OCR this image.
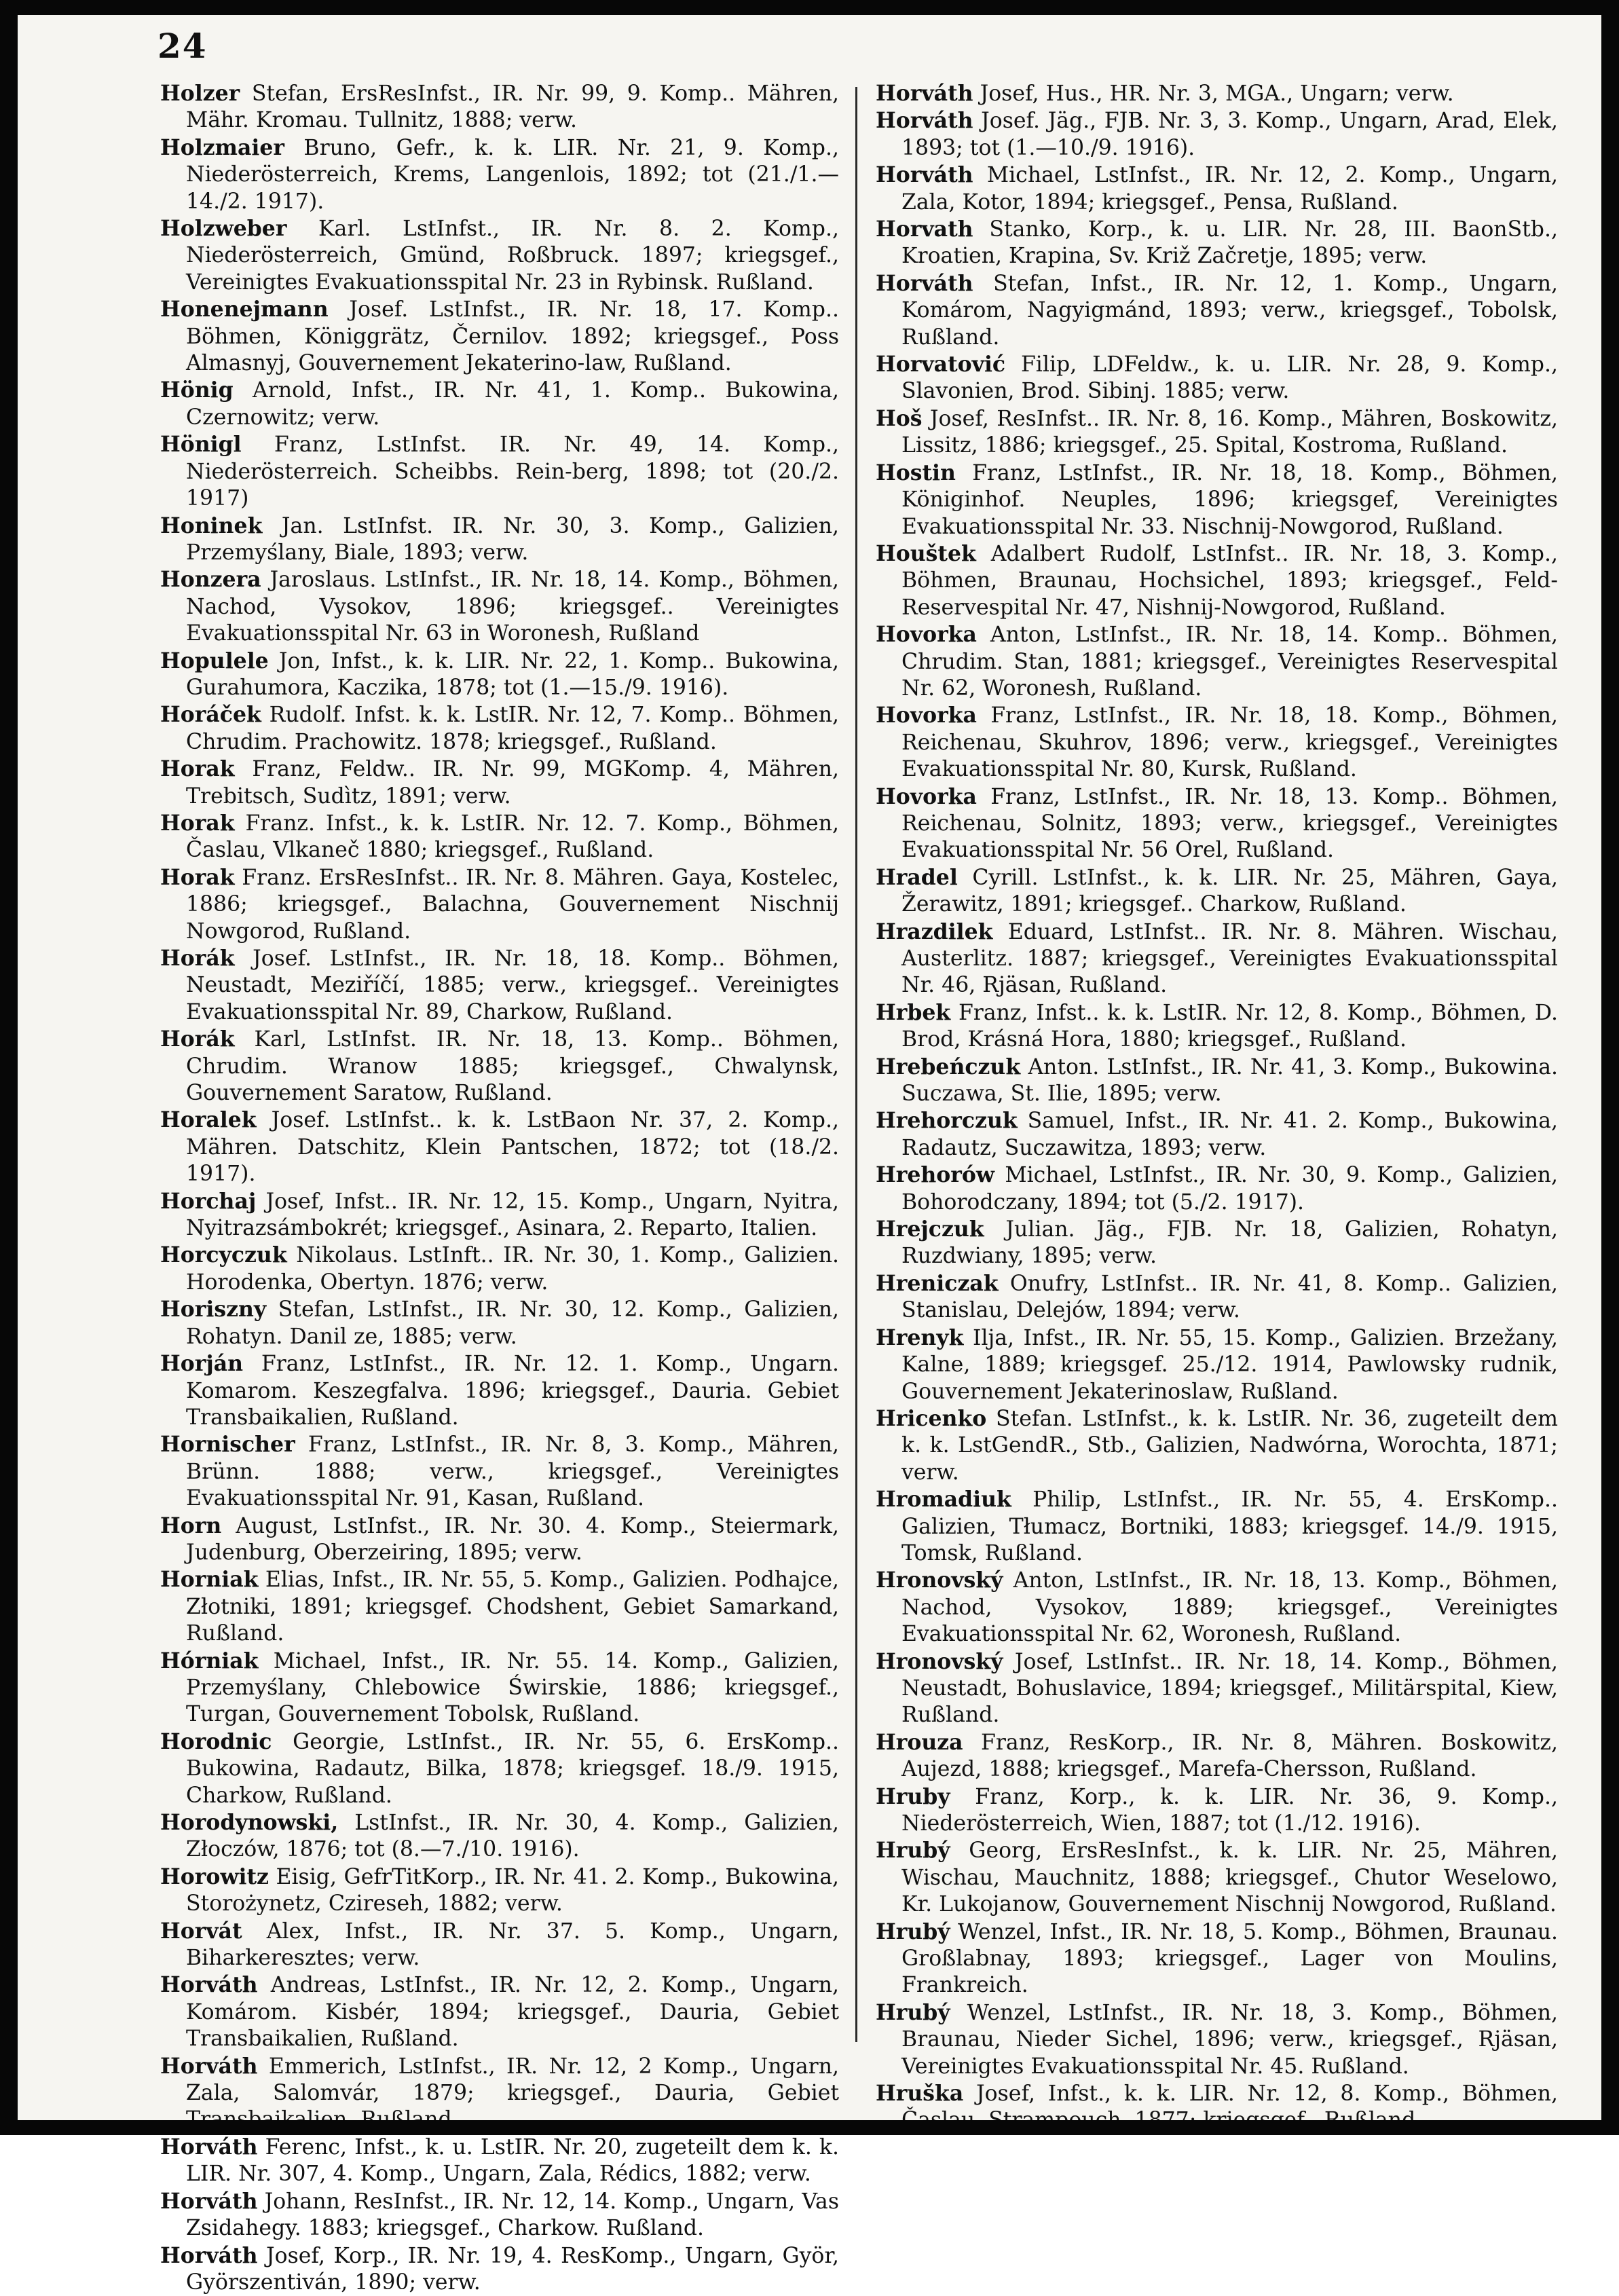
24

Holzer Stefan, ErsResInfst., IR. Nr. 99, 9. Komp.. Mähren, Mähr. Kromau. Tullnitz, 1888; verw.

Holzmaier Bruno, Gefr., k. k. LIR. Nr. 21, 9. Komp., Niederösterreich, Krems, Langenlois, 1892; tot (21./1.—14./2. 1917).

Holzweber Karl. LstInfst., IR. Nr. 8. 2. Komp., Niederösterreich, Gmünd, Roßbruck. 1897; kriegsgef., Vereinigtes Evakuationsspital Nr. 23 in Rybinsk. Rußland.

Honenejmann Josef. LstInfst., IR. Nr. 18, 17. Komp.. Böhmen, Königgrätz, Černilov. 1892; kriegsgef., Poss Almasnyj, Gouvernement Jekaterino-law, Rußland.

Hönig Arnold, Infst., IR. Nr. 41, 1. Komp.. Bukowina, Czernowitz; verw.

Hönigl Franz, LstInfst. IR. Nr. 49, 14. Komp., Niederösterreich. Scheibbs. Rein-berg, 1898; tot (20./2. 1917)

Honinek Jan. LstInfst. IR. Nr. 30, 3. Komp., Galizien, Przemyślany, Biale, 1893; verw.

Honzera Jaroslaus. LstInfst., IR. Nr. 18, 14. Komp., Böhmen, Nachod, Vysokov, 1896; kriegsgef.. Vereinigtes Evakuationsspital Nr. 63 in Woronesh, Rußland

Hopulele Jon, Infst., k. k. LIR. Nr. 22, 1. Komp.. Bukowina, Gurahumora, Kaczika, 1878; tot (1.—15./9. 1916).

Horáček Rudolf. Infst. k. k. LstIR. Nr. 12, 7. Komp.. Böhmen, Chrudim. Prachowitz. 1878; kriegsgef., Rußland.

Horak Franz, Feldw.. IR. Nr. 99, MGKomp. 4, Mähren, Trebitsch, Sudìtz, 1891; verw.

Horak Franz. Infst., k. k. LstIR. Nr. 12. 7. Komp., Böhmen, Časlau, Vlkaneč 1880; kriegsgef., Rußland.

Horak Franz. ErsResInfst.. IR. Nr. 8. Mähren. Gaya, Kostelec, 1886; kriegsgef., Balachna, Gouvernement Nischnij Nowgorod, Rußland.

Horák Josef. LstInfst., IR. Nr. 18, 18. Komp.. Böhmen, Neustadt, Meziříčí, 1885; verw., kriegsgef.. Vereinigtes Evakuationsspital Nr. 89, Charkow, Rußland.

Horák Karl, LstInfst. IR. Nr. 18, 13. Komp.. Böhmen, Chrudim. Wranow 1885; kriegsgef., Chwalynsk, Gouvernement Saratow, Rußland.

Horalek Josef. LstInfst.. k. k. LstBaon Nr. 37, 2. Komp., Mähren. Datschitz, Klein Pantschen, 1872; tot (18./2. 1917).

Horchaj Josef, Infst.. IR. Nr. 12, 15. Komp., Ungarn, Nyitra, Nyitrazsámbokrét; kriegsgef., Asinara, 2. Reparto, Italien.

Horcyczuk Nikolaus. LstInft.. IR. Nr. 30, 1. Komp., Galizien. Horodenka, Obertyn. 1876; verw.

Horiszny Stefan, LstInfst., IR. Nr. 30, 12. Komp., Galizien, Rohatyn. Danil ze, 1885; verw.

Horján Franz, LstInfst., IR. Nr. 12. 1. Komp., Ungarn. Komarom. Keszegfalva. 1896; kriegsgef., Dauria. Gebiet Transbaikalien, Rußland.

Hornischer Franz, LstInfst., IR. Nr. 8, 3. Komp., Mähren, Brünn. 1888; verw., kriegsgef., Vereinigtes Evakuationsspital Nr. 91, Kasan, Rußland.

Horn August, LstInfst., IR. Nr. 30. 4. Komp., Steiermark, Judenburg, Oberzeiring, 1895; verw.

Horniak Elias, Infst., IR. Nr. 55, 5. Komp., Galizien. Podhajce, Złotniki, 1891; kriegsgef. Chodshent, Gebiet Samarkand, Rußland.

Hórniak Michael, Infst., IR. Nr. 55. 14. Komp., Galizien, Przemyślany, Chlebowice Świrskie, 1886; kriegsgef., Turgan, Gouvernement Tobolsk, Rußland.

Horodnic Georgie, LstInfst., IR. Nr. 55, 6. ErsKomp.. Bukowina, Radautz, Bilka, 1878; kriegsgef. 18./9. 1915, Charkow, Rußland.

Horodynowski, LstInfst., IR. Nr. 30, 4. Komp., Galizien, Złoczów, 1876; tot (8.—7./10. 1916).

Horowitz Eisig, GefrTitKorp., IR. Nr. 41. 2. Komp., Bukowina, Storożynetz, Czireseh, 1882; verw.

Horvát Alex, Infst., IR. Nr. 37. 5. Komp., Ungarn, Biharkeresztes; verw.

Horváth Andreas, LstInfst., IR. Nr. 12, 2. Komp., Ungarn, Komárom. Kisbér, 1894; kriegsgef., Dauria, Gebiet Transbaikalien, Rußland.

Horváth Emmerich, LstInfst., IR. Nr. 12, 2 Komp., Ungarn, Zala, Salomvár, 1879; kriegsgef., Dauria, Gebiet Transbaikalien, Rußland.

Horváth Ferenc, Infst., k. u. LstIR. Nr. 20, zugeteilt dem k. k. LIR. Nr. 307, 4. Komp., Ungarn, Zala, Rédics, 1882; verw.

Horváth Johann, ResInfst., IR. Nr. 12, 14. Komp., Ungarn, Vas Zsidahegy. 1883; kriegsgef., Charkow. Rußland.

Horváth Josef, Korp., IR. Nr. 19, 4. ResKomp., Ungarn, Györ, Györszentiván, 1890; verw.

Horváth Josef, Hus., HR. Nr. 3, MGA., Ungarn; verw.

Horváth Josef. Jäg., FJB. Nr. 3, 3. Komp., Ungarn, Arad, Elek, 1893; tot (1.—10./9. 1916).

Horváth Michael, LstInfst., IR. Nr. 12, 2. Komp., Ungarn, Zala, Kotor, 1894; kriegsgef., Pensa, Rußland.

Horvath Stanko, Korp., k. u. LIR. Nr. 28, III. BaonStb., Kroatien, Krapina, Sv. Križ Začretje, 1895; verw.

Horváth Stefan, Infst., IR. Nr. 12, 1. Komp., Ungarn, Komárom, Nagyigmánd, 1893; verw., kriegsgef., Tobolsk, Rußland.

Horvatović Filip, LDFeldw., k. u. LIR. Nr. 28, 9. Komp., Slavonien, Brod. Sibinj. 1885; verw.

Hoš Josef, ResInfst.. IR. Nr. 8, 16. Komp., Mähren, Boskowitz, Lissitz, 1886; kriegsgef., 25. Spital, Kostroma, Rußland.

Hostin Franz, LstInfst., IR. Nr. 18, 18. Komp., Böhmen, Königinhof. Neuples, 1896; kriegsgef, Vereinigtes Evakuationsspital Nr. 33. Nischnij-Nowgorod, Rußland.

Houštek Adalbert Rudolf, LstInfst.. IR. Nr. 18, 3. Komp., Böhmen, Braunau, Hochsichel, 1893; kriegsgef., Feld-Reservespital Nr. 47, Nishnij-Nowgorod, Rußland.

Hovorka Anton, LstInfst., IR. Nr. 18, 14. Komp.. Böhmen, Chrudim. Stan, 1881; kriegsgef., Vereinigtes Reservespital Nr. 62, Woronesh, Rußland.

Hovorka Franz, LstInfst., IR. Nr. 18, 18. Komp., Böhmen, Reichenau, Skuhrov, 1896; verw., kriegsgef., Vereinigtes Evakuationsspital Nr. 80, Kursk, Rußland.

Hovorka Franz, LstInfst., IR. Nr. 18, 13. Komp.. Böhmen, Reichenau, Solnitz, 1893; verw., kriegsgef., Vereinigtes Evakuationsspital Nr. 56 Orel, Rußland.

Hradel Cyrill. LstInfst., k. k. LIR. Nr. 25, Mähren, Gaya, Žerawitz, 1891; kriegsgef.. Charkow, Rußland.

Hrazdilek Eduard, LstInfst.. IR. Nr. 8. Mähren. Wischau, Austerlitz. 1887; kriegsgef., Vereinigtes Evakuationsspital Nr. 46, Rjäsan, Rußland.

Hrbek Franz, Infst.. k. k. LstIR. Nr. 12, 8. Komp., Böhmen, D. Brod, Krásná Hora, 1880; kriegsgef., Rußland.

Hrebeńczuk Anton. LstInfst., IR. Nr. 41, 3. Komp., Bukowina. Suczawa, St. Ilie, 1895; verw.

Hrehorczuk Samuel, Infst., IR. Nr. 41. 2. Komp., Bukowina, Radautz, Suczawitza, 1893; verw.

Hrehorów Michael, LstInfst., IR. Nr. 30, 9. Komp., Galizien, Bohorodczany, 1894; tot (5./2. 1917).

Hrejczuk Julian. Jäg., FJB. Nr. 18, Galizien, Rohatyn, Ruzdwiany, 1895; verw.

Hreniczak Onufry, LstInfst.. IR. Nr. 41, 8. Komp.. Galizien, Stanislau, Delejów, 1894; verw.

Hrenyk Ilja, Infst., IR. Nr. 55, 15. Komp., Galizien. Brzežany, Kalne, 1889; kriegsgef. 25./12. 1914, Pawlowsky rudnik, Gouvernement Jekaterinoslaw, Rußland.

Hricenko Stefan. LstInfst., k. k. LstIR. Nr. 36, zugeteilt dem k. k. LstGendR., Stb., Galizien, Nadwórna, Worochta, 1871; verw.

Hromadiuk Philip, LstInfst., IR. Nr. 55, 4. ErsKomp.. Galizien, Tłumacz, Bortniki, 1883; kriegsgef. 14./9. 1915, Tomsk, Rußland.

Hronovský Anton, LstInfst., IR. Nr. 18, 13. Komp., Böhmen, Nachod, Vysokov, 1889; kriegsgef., Vereinigtes Evakuationsspital Nr. 62, Woronesh, Rußland.

Hronovský Josef, LstInfst.. IR. Nr. 18, 14. Komp., Böhmen, Neustadt, Bohuslavice, 1894; kriegsgef., Militärspital, Kiew, Rußland.

Hrouza Franz, ResKorp., IR. Nr. 8, Mähren. Boskowitz, Aujezd, 1888; kriegsgef., Marefa-Chersson, Rußland.

Hruby Franz, Korp., k. k. LIR. Nr. 36, 9. Komp., Niederösterreich, Wien, 1887; tot (1./12. 1916).

Hrubý Georg, ErsResInfst., k. k. LIR. Nr. 25, Mähren, Wischau, Mauchnitz, 1888; kriegsgef., Chutor Weselowo, Kr. Lukojanow, Gouvernement Nischnij Nowgorod, Rußland.

Hrubý Wenzel, Infst., IR. Nr. 18, 5. Komp., Böhmen, Braunau. Großlabnay, 1893; kriegsgef., Lager von Moulins, Frankreich.

Hrubý Wenzel, LstInfst., IR. Nr. 18, 3. Komp., Böhmen, Braunau, Nieder Sichel, 1896; verw., kriegsgef., Rjäsan, Vereinigtes Evakuationsspital Nr. 45. Rußland.

Hruška Josef, Infst., k. k. LIR. Nr. 12, 8. Komp., Böhmen, Časlau, Strampouch, 1877; kriegsgef., Rußland.
